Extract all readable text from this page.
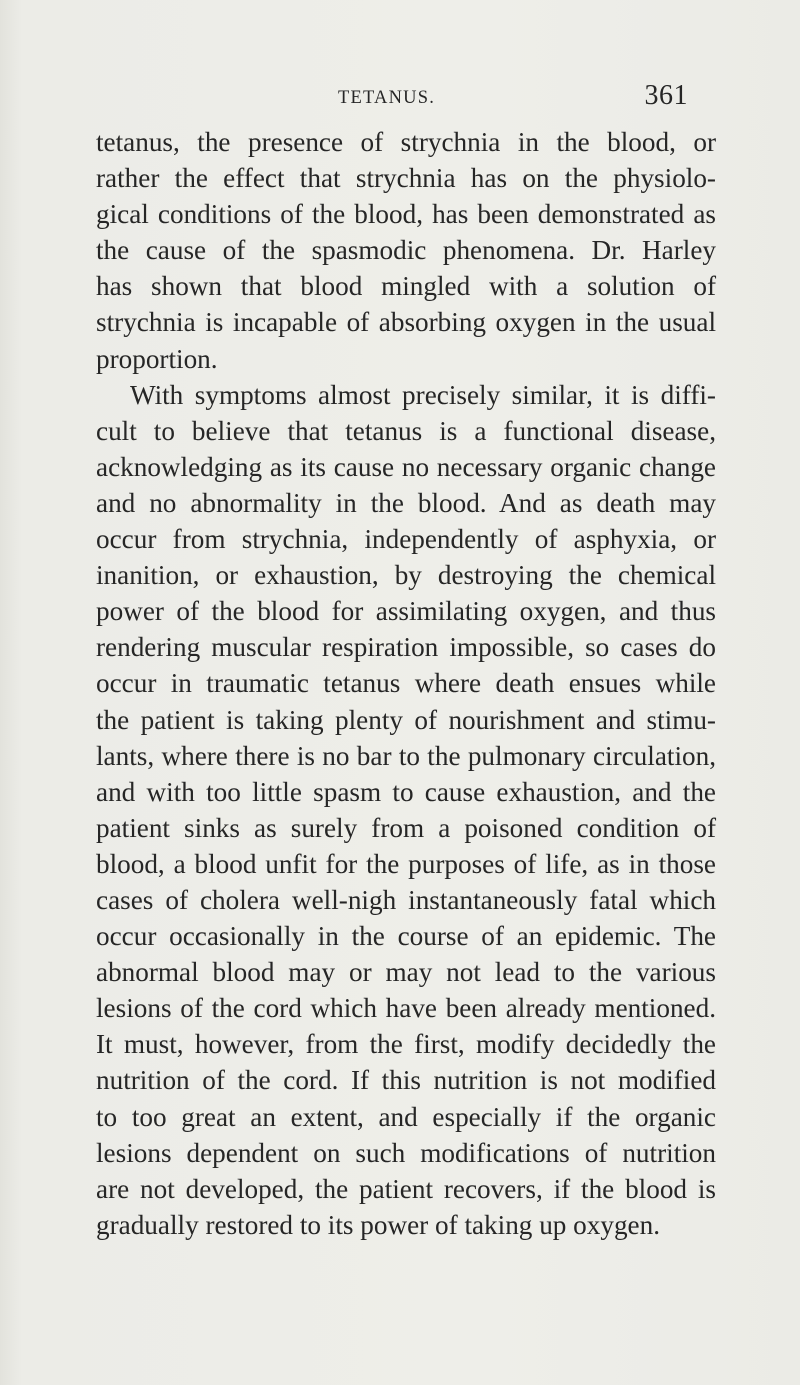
TETANUS.	361
tetanus, the presence of strychnia in the blood, or
rather the effect that strychnia has on the physiolo-
gical conditions of the blood, has been demonstrated as
the cause of the spasmodic phenomena. Dr. Harley
has shown that blood mingled with a solution of
strychnia is incapable of absorbing oxygen in the usual
proportion.
With symptoms almost precisely similar, it is diffi-
cult to believe that tetanus is a functional disease,
acknowledging as its cause no necessary organic change
and no abnormality in the blood. And as death may
occur from strychnia, independently of asphyxia, or
inanition, or exhaustion, by destroying the chemical
power of the blood for assimilating oxygen, and thus
rendering muscular respiration impossible, so cases do
occur in traumatic tetanus where death ensues while
the patient is taking plenty of nourishment and stimu-
lants, where there is no bar to the pulmonary circulation,
and with too little spasm to cause exhaustion, and the
patient sinks as surely from a poisoned condition of
blood, a blood unfit for the purposes of life, as in those
cases of cholera well-nigh instantaneously fatal which
occur occasionally in the course of an epidemic. The
abnormal blood may or may not lead to the various
lesions of the cord which have been already mentioned.
It must, however, from the first, modify decidedly the
nutrition of the cord. If this nutrition is not modified
to too great an extent, and especially if the organic
lesions dependent on such modifications of nutrition
are not developed, the patient recovers, if the blood is
gradually restored to its power of taking up oxygen.
